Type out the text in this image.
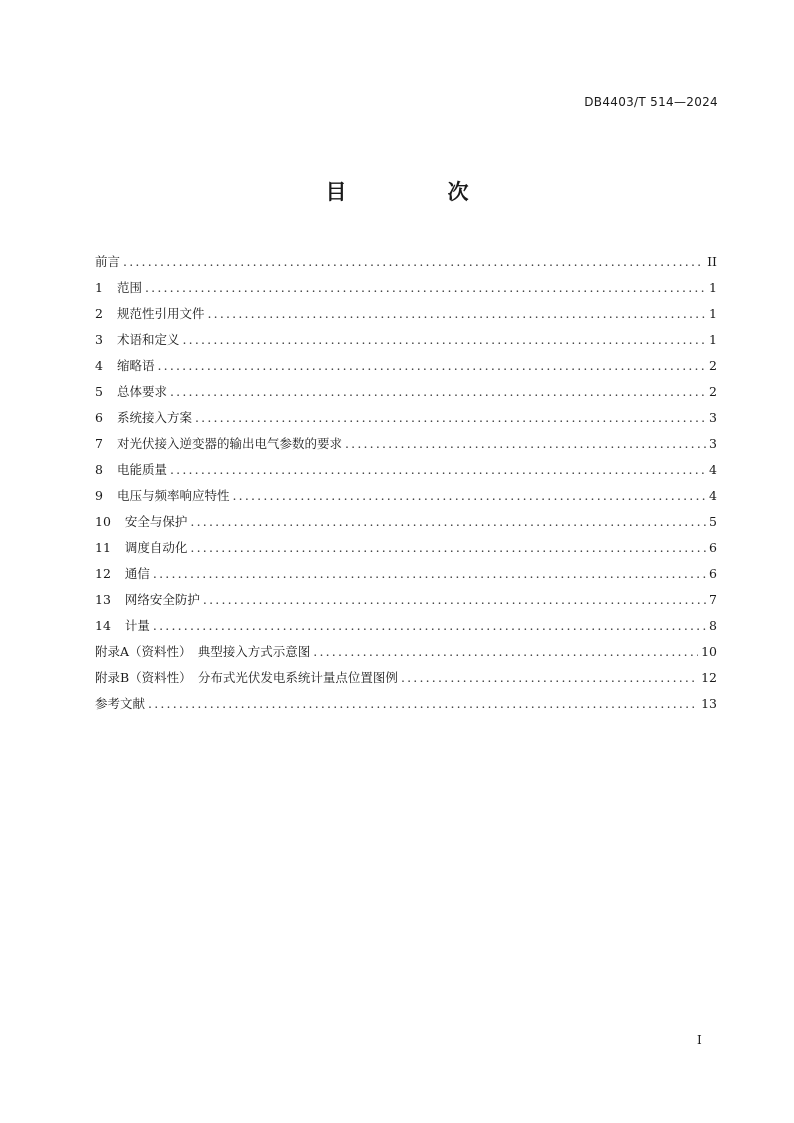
DB4403/T 514—2024
目　次
前言 .....	II
1 范围 .....	1
2 规范性引用文件 .....	1
3 术语和定义 .....	1
4 缩略语 .....	2
5 总体要求 .....	2
6 系统接入方案 .....	3
7 对光伏接入逆变器的输出电气参数的要求 .....	3
8 电能质量 .....	4
9 电压与频率响应特性 .....	4
10 安全与保护 .....	5
11 调度自动化 .....	6
12 通信 .....	6
13 网络安全防护 .....	7
14 计量 .....	8
附录A（资料性）　典型接入方式示意图 .....	10
附录B（资料性）　分布式光伏发电系统计量点位置图例 .....	12
参考文献 .....	13
I
